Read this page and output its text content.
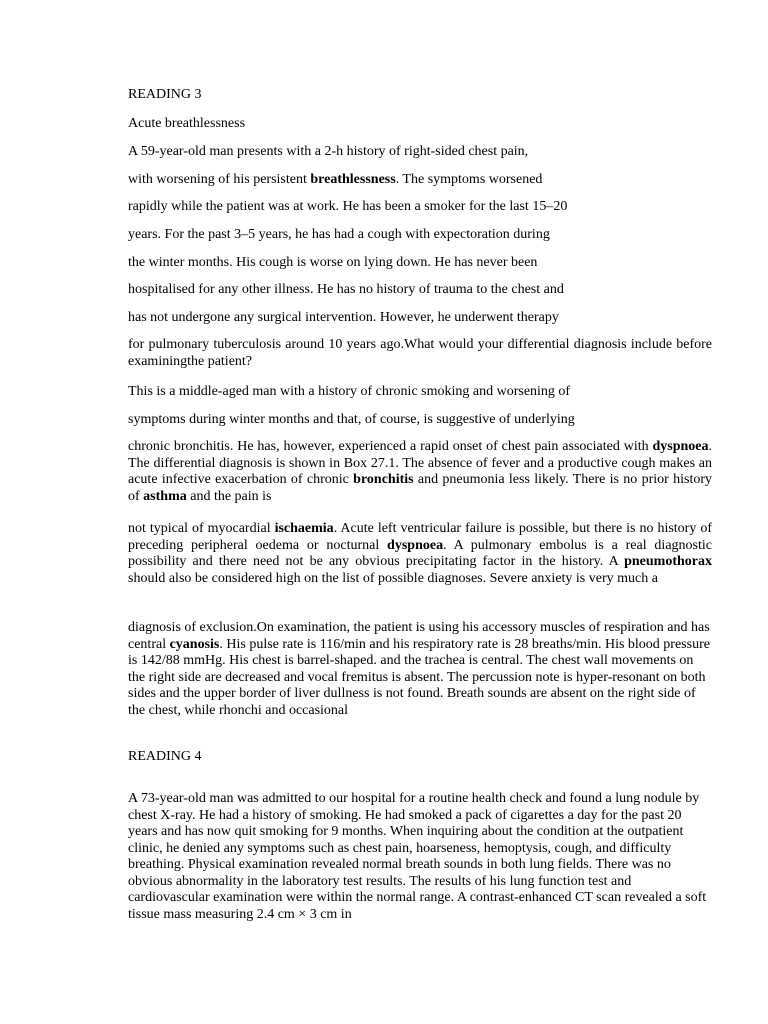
READING 3

Acute breathlessness

A 59-year-old man presents with a 2-h history of right-sided chest pain,

with worsening of his persistent breathlessness. The symptoms worsened

rapidly while the patient was at work. He has been a smoker for the last 15–20

years. For the past 3–5 years, he has had a cough with expectoration during

the winter months. His cough is worse on lying down. He has never been

hospitalised for any other illness. He has no history of trauma to the chest and

has not undergone any surgical intervention. However, he underwent therapy

for pulmonary tuberculosis around 10 years ago.What would your differential diagnosis include before examiningthe patient?

This is a middle-aged man with a history of chronic smoking and worsening of

symptoms during winter months and that, of course, is suggestive of underlying

chronic bronchitis. He has, however, experienced a rapid onset of chest pain associated with dyspnoea. The differential diagnosis is shown in Box 27.1. The absence of fever and a productive cough makes an acute infective exacerbation of chronic bronchitis and pneumonia less likely. There is no prior history of asthma and the pain is

not typical of myocardial ischaemia. Acute left ventricular failure is possible, but there is no history of preceding peripheral oedema or nocturnal dyspnoea. A pulmonary embolus is a real diagnostic possibility and there need not be any obvious precipitating factor in the history. A pneumothorax should also be considered high on the list of possible diagnoses. Severe anxiety is very much a

diagnosis of exclusion.On examination, the patient is using his accessory muscles of respiration and has central cyanosis. His pulse rate is 116/min and his respiratory rate is 28 breaths/min. His blood pressure is 142/88 mmHg. His chest is barrel-shaped. and the trachea is central. The chest wall movements on the right side are decreased and vocal fremitus is absent. The percussion note is hyper-resonant on both sides and the upper border of liver dullness is not found. Breath sounds are absent on the right side of the chest, while rhonchi and occasional

READING 4

A 73-year-old man was admitted to our hospital for a routine health check and found a lung nodule by chest X-ray. He had a history of smoking. He had smoked a pack of cigarettes a day for the past 20 years and has now quit smoking for 9 months. When inquiring about the condition at the outpatient clinic, he denied any symptoms such as chest pain, hoarseness, hemoptysis, cough, and difficulty breathing. Physical examination revealed normal breath sounds in both lung fields. There was no obvious abnormality in the laboratory test results. The results of his lung function test and cardiovascular examination were within the normal range. A contrast-enhanced CT scan revealed a soft tissue mass measuring 2.4 cm × 3 cm in
